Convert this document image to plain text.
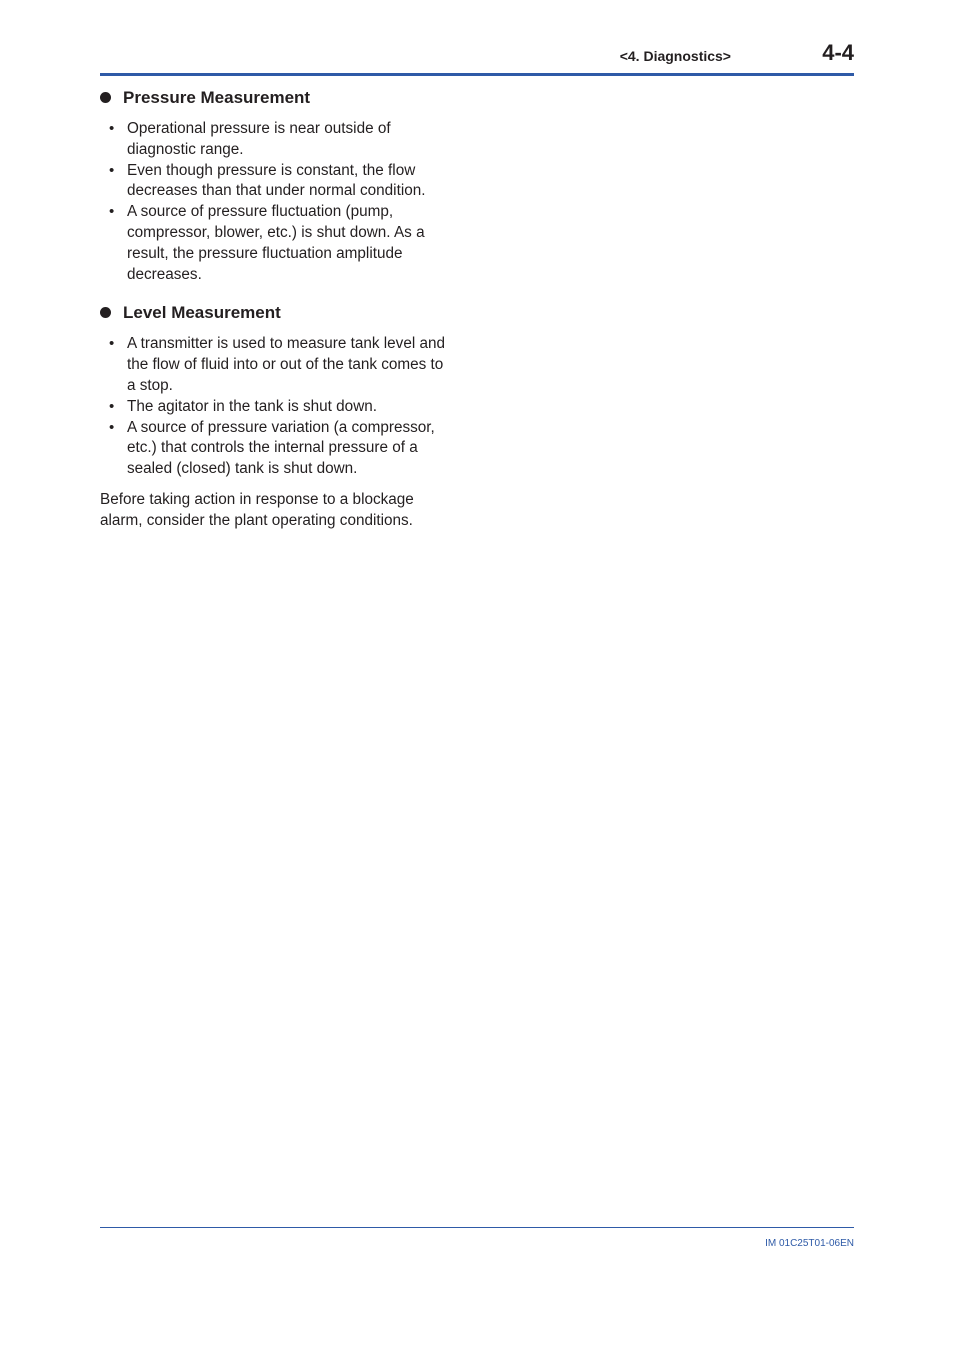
<4. Diagnostics>	4-4
Pressure Measurement
• Operational pressure is near outside of diagnostic range.
• Even though pressure is constant, the flow decreases than that under normal condition.
• A source of pressure fluctuation (pump, compressor, blower, etc.) is shut down. As a result, the pressure fluctuation amplitude decreases.
Level Measurement
• A transmitter is used to measure tank level and the flow of fluid into or out of the tank comes to a stop.
• The agitator in the tank is shut down.
• A source of pressure variation (a compressor, etc.) that controls the internal pressure of a sealed (closed) tank is shut down.

Before taking action in response to a blockage alarm, consider the plant operating conditions.

IM 01C25T01-06EN
